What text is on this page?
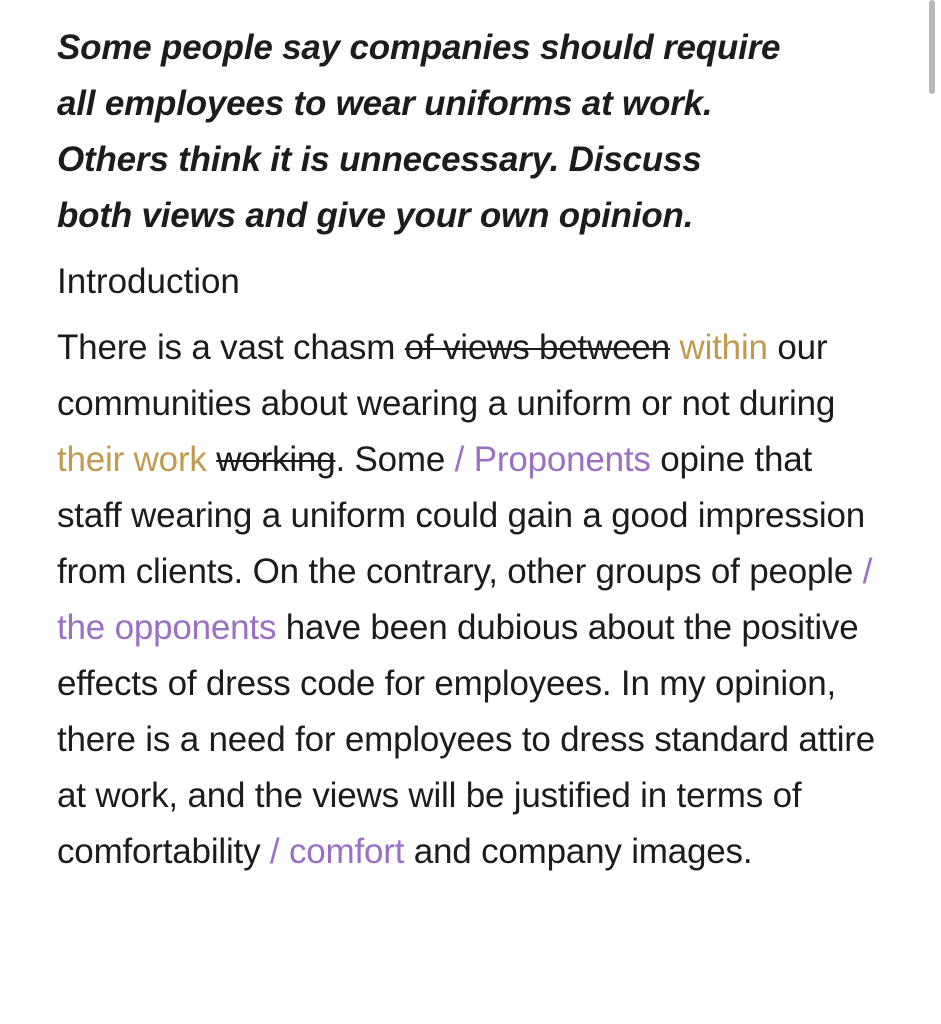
Some people say companies should require
all employees to wear uniforms at work.
Others think it is unnecessary. Discuss
both views and give your own opinion.

Introduction

There is a vast chasm of views between within our communities about wearing a uniform or not during their work working. Some / Proponents opine that staff wearing a uniform could gain a good impression from clients. On the contrary, other groups of people / the opponents have been dubious about the positive effects of dress code for employees. In my opinion, there is a need for employees to dress standard attire at work, and the views will be justified in terms of comfortability / comfort and company images.
